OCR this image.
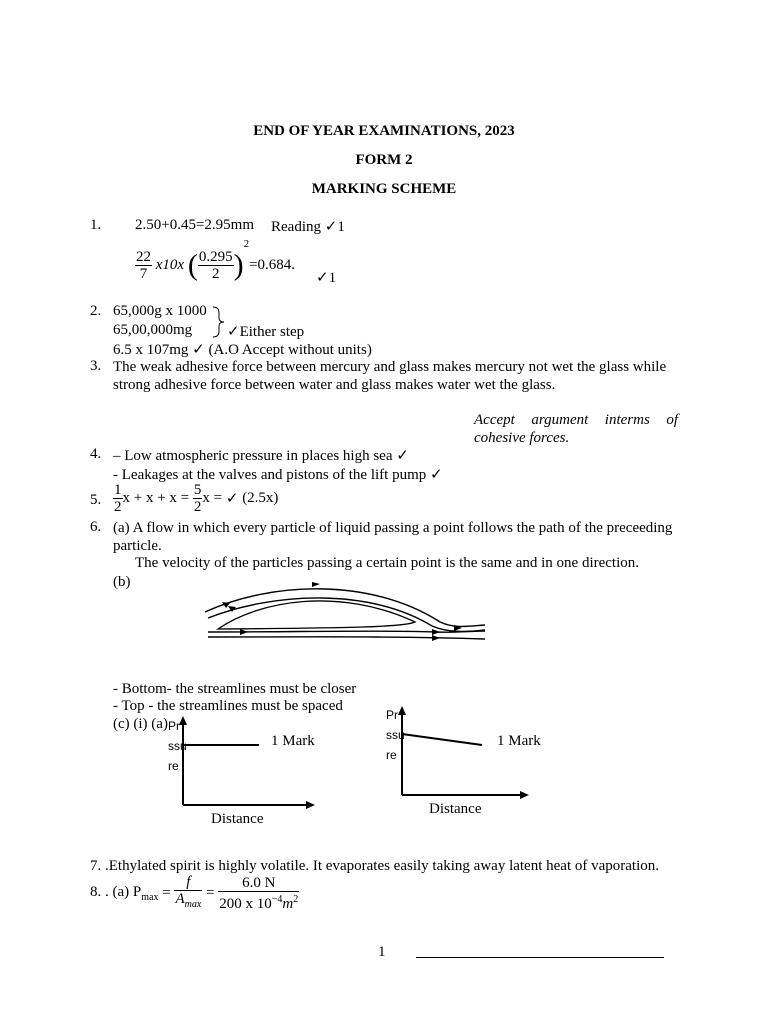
END OF YEAR EXAMINATIONS, 2023
FORM 2
MARKING SCHEME
1. 2.50+0.45=2.95mm Reading ✓1
$\frac{22}{7} x10x$ ( $\frac{0.295}{2} )^2=0.684$.
✓1
2. 65,000g x 1000
65,00,000mg ✓Either step
6.5 x 107mg ✓ (A.O Accept without units)
3. The weak adhesive force between mercury and glass makes mercury not wet the glass while strong adhesive force between water and glass makes water wet the glass.
Accept argument interms of cohesive forces.
4. – Low atmospheric pressure in places high sea ✓
- Leakages at the valves and pistons of the lift pump ✓
5. $\frac{1}{2}$ $x + x + x = \frac{5}{2}$ x = ✓ (2.5x)
6. (a) A flow in which every particle of liquid passing a point follows the path of the preceeding particle.
The velocity of the particles passing a certain point is the same and in one direction.
(b)
- Bottom- the streamlines must be closer
- Top - the streamlines must be spaced
(c) (i) (a) Pr
ssu
re
1 Mark
Distance
Pr
ssu
re
1 Mark
Distance
7. .Ethylated spirit is highly volatile. It evaporates easily taking away latent heat of vaporation.
8. . (a) $P_{max} = \frac{f}{A_{max}} = \frac{6.0 N}{200 x 10^{-4}m^2}$
1
